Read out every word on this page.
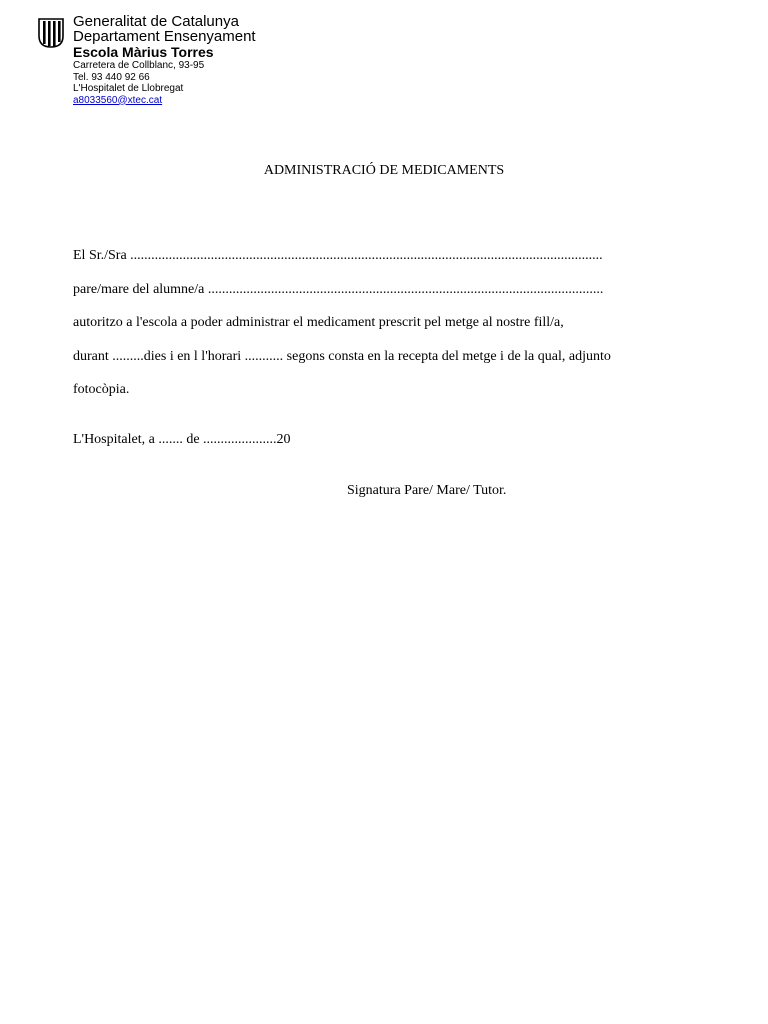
Generalitat de Catalunya
Departament Ensenyament
Escola Màrius Torres
Carretera de Collblanc, 93-95
Tel. 93 440 92 66
L'Hospitalet de Llobregat
a8033560@xtec.cat
ADMINISTRACIÓ DE MEDICAMENTS
El Sr./Sra .......................................................................................................................................
pare/mare del alumne/a .................................................................................................................
autoritzo a l'escola a poder administrar el medicament prescrit pel metge al nostre fill/a,
durant .........dies i en l l'horari ........... segons consta en la recepta del metge i de la qual, adjunto
fotocòpia.
L'Hospitalet, a ....... de .....................20
Signatura Pare/ Mare/ Tutor.
